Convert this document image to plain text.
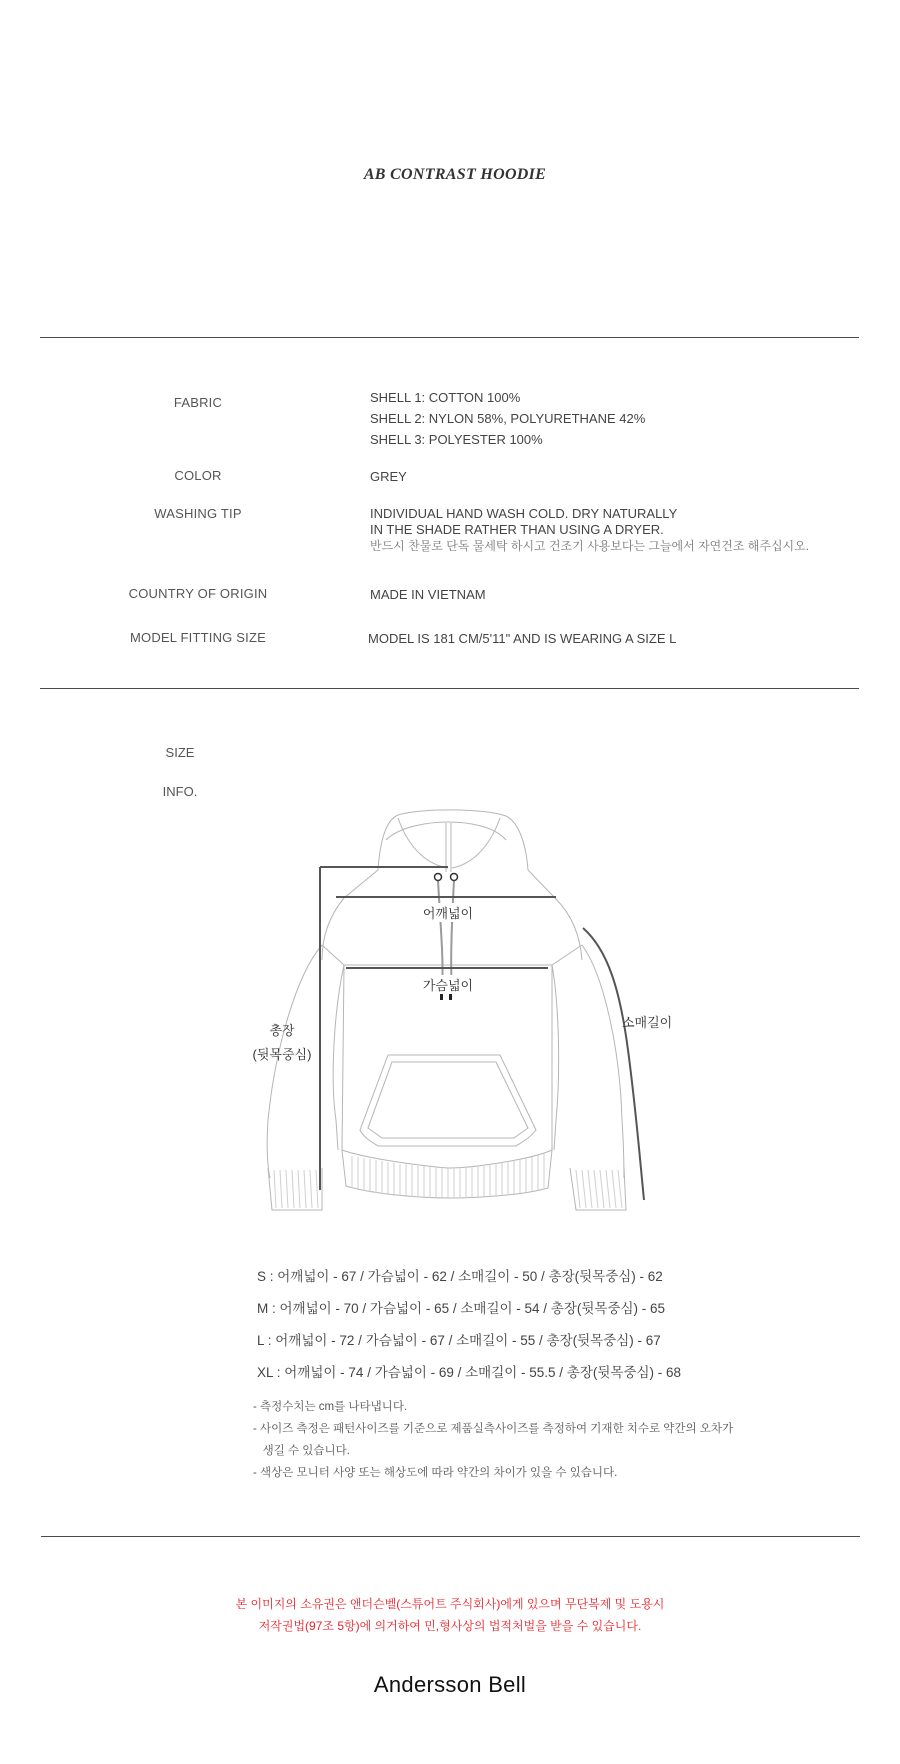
AB CONTRAST HOODIE
FABRIC	SHELL 1: COTTON 100%
SHELL 2: NYLON 58%, POLYURETHANE 42%
SHELL 3: POLYESTER 100%
COLOR	GREY
WASHING TIP	INDIVIDUAL HAND WASH COLD. DRY NATURALLY
IN THE SHADE RATHER THAN USING A DRYER.
반드시 찬물로 단독 물세탁 하시고 건조기 사용보다는 그늘에서 자연건조 해주십시오.
COUNTRY OF ORIGIN	MADE IN VIETNAM
MODEL FITTING SIZE	MODEL IS 181 CM/5'11" AND IS WEARING A SIZE L
SIZE
INFO.
어깨넓이
가슴넓이
소매길이
총장
(뒷목중심)
S : 어깨넓이 - 67 / 가슴넓이 - 62 / 소매길이 - 50 / 총장(뒷목중심) - 62
M : 어깨넓이 - 70 / 가슴넓이 - 65 / 소매길이 - 54 / 총장(뒷목중심) - 65
L : 어깨넓이 - 72 / 가슴넓이 - 67 / 소매길이 - 55 / 총장(뒷목중심) - 67
XL : 어깨넓이 - 74 / 가슴넓이 - 69 / 소매길이 - 55.5 / 총장(뒷목중심) - 68
- 측정수치는 cm를 나타냅니다.
- 사이즈 측정은 패턴사이즈를 기준으로 제품실측사이즈를 측정하여 기재한 치수로 약간의 오차가
생길 수 있습니다.
- 색상은 모니터 사양 또는 해상도에 따라 약간의 차이가 있을 수 있습니다.
본 이미지의 소유권은 앤더슨벨(스튜어트 주식회사)에게 있으며 무단복제 및 도용시
저작권법(97조 5항)에 의거하여 민,형사상의 법적처벌을 받을 수 있습니다.
Andersson Bell
